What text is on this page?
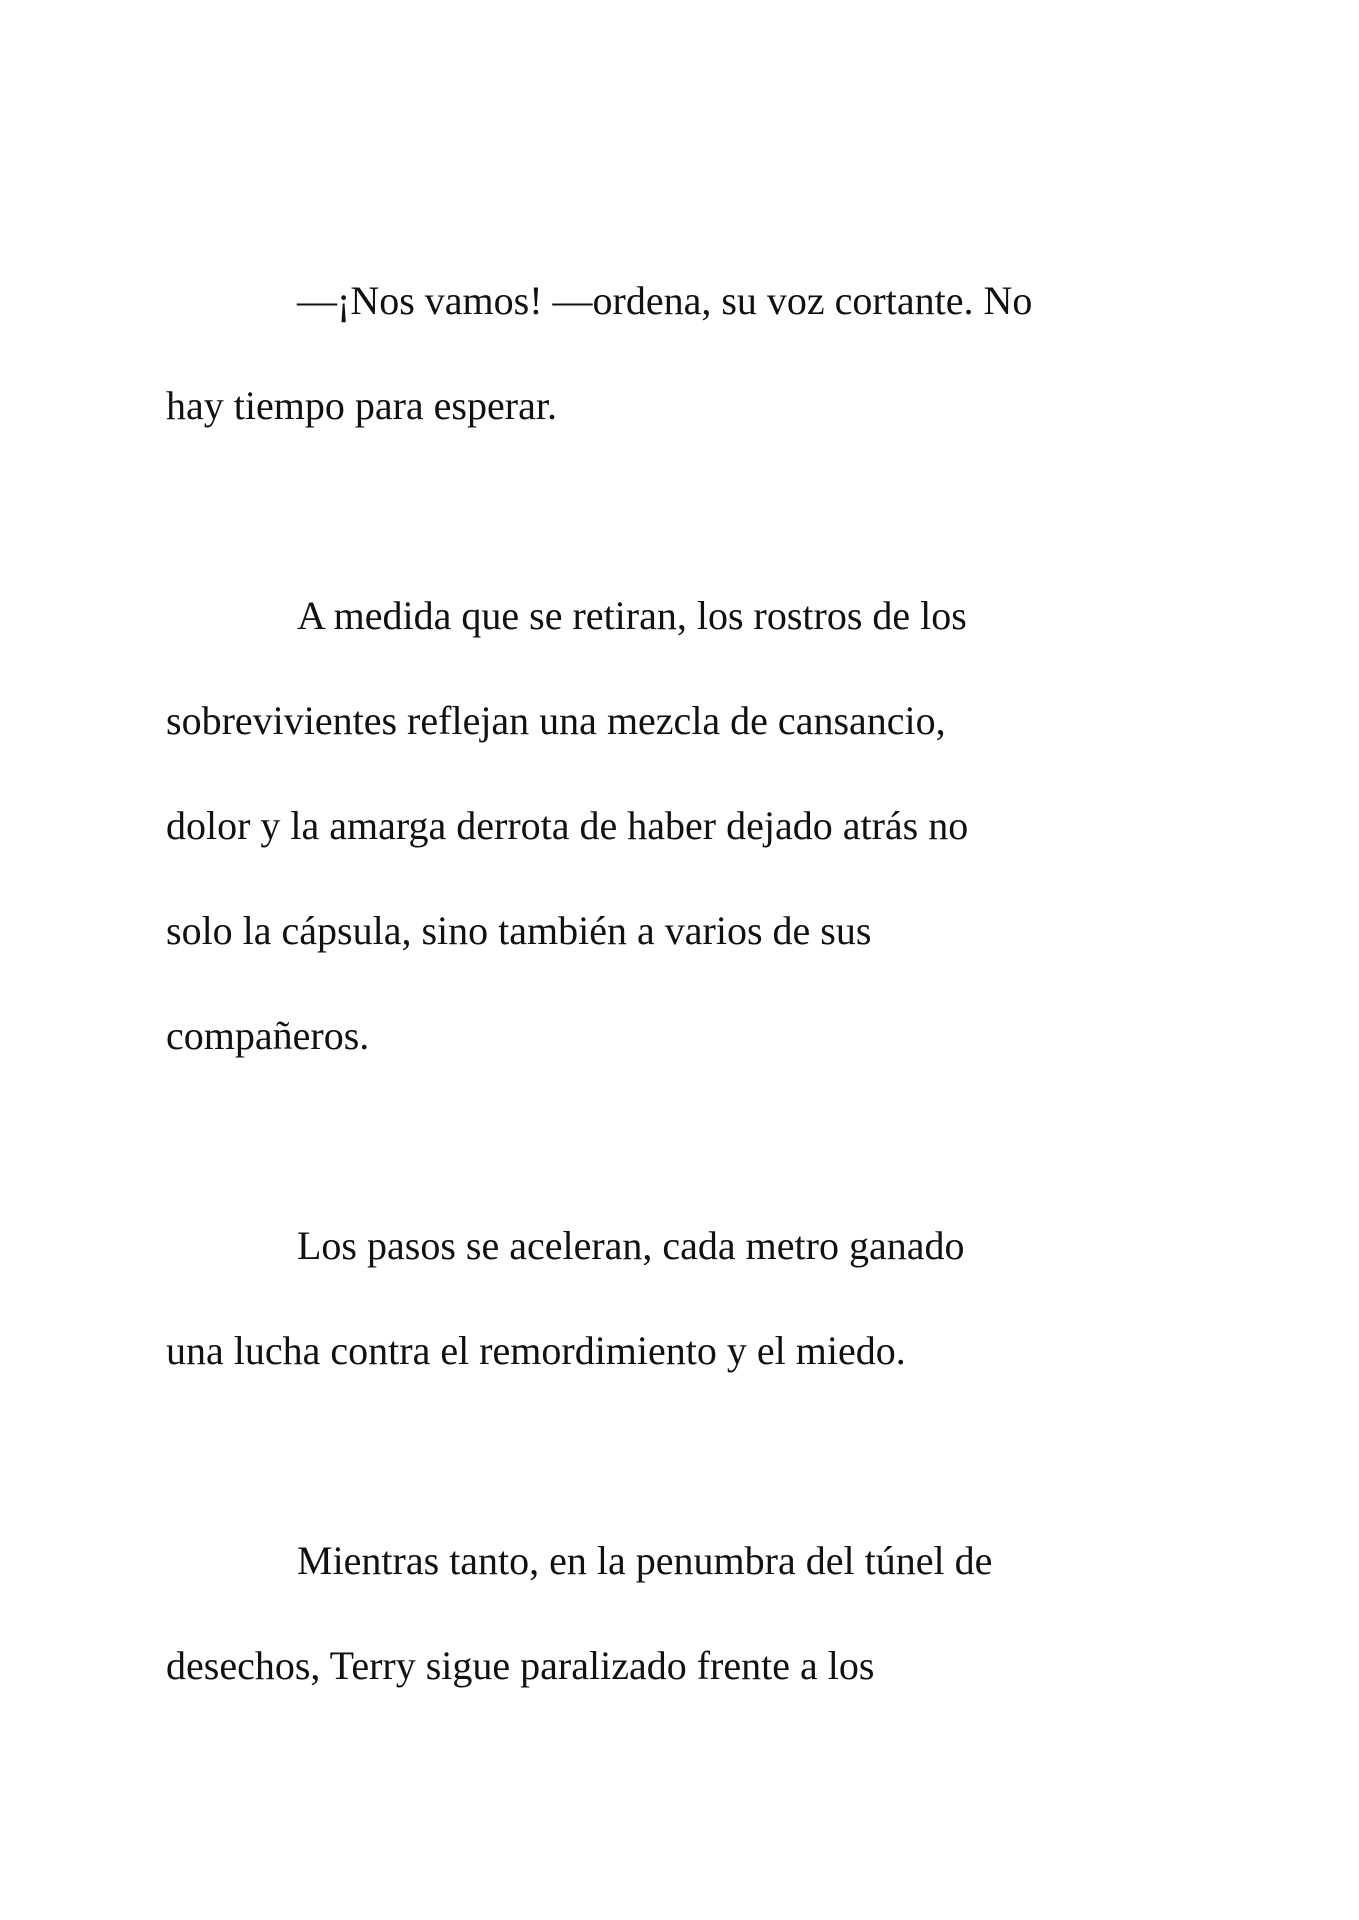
—¡Nos vamos! —ordena, su voz cortante. No
hay tiempo para esperar.

A medida que se retiran, los rostros de los
sobrevivientes reflejan una mezcla de cansancio,
dolor y la amarga derrota de haber dejado atrás no
solo la cápsula, sino también a varios de sus
compañeros.

Los pasos se aceleran, cada metro ganado
una lucha contra el remordimiento y el miedo.

Mientras tanto, en la penumbra del túnel de
desechos, Terry sigue paralizado frente a los
